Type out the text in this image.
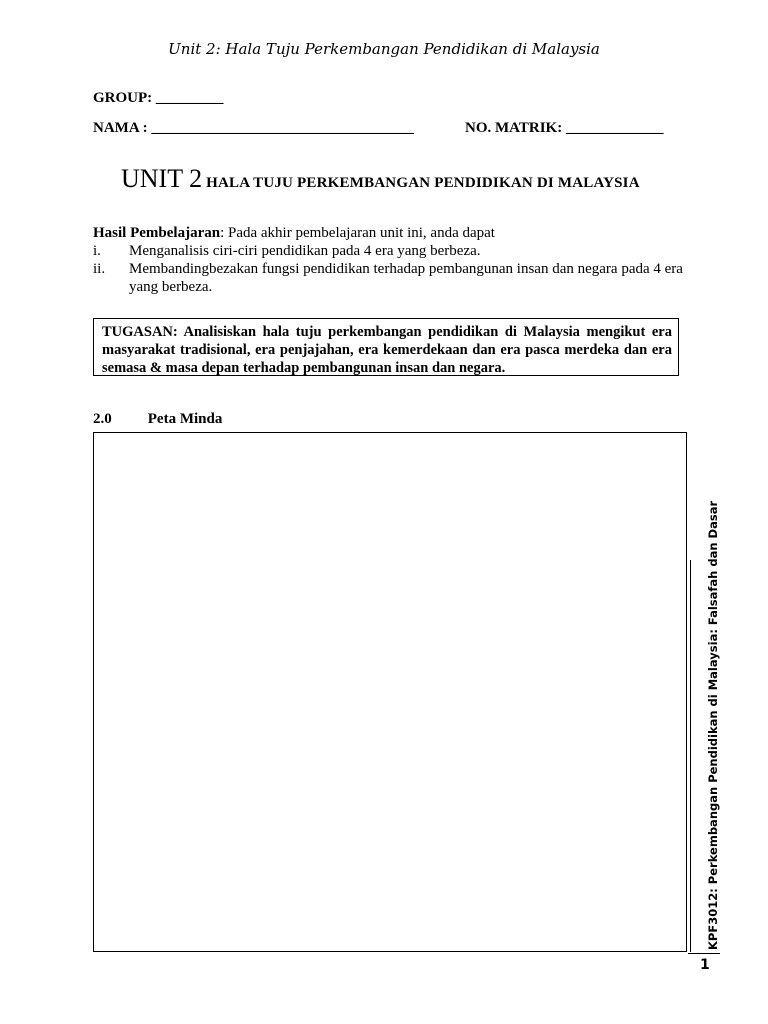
Unit 2: Hala Tuju Perkembangan Pendidikan di Malaysia
GROUP: _________
NAMA : ___________________________________	NO. MATRIK: _____________
UNIT 2 HALA TUJU PERKEMBANGAN PENDIDIKAN DI MALAYSIA
Hasil Pembelajaran: Pada akhir pembelajaran unit ini, anda dapat
i. Menganalisis ciri-ciri pendidikan pada 4 era yang berbeza.
ii. Membandingbezakan fungsi pendidikan terhadap pembangunan insan dan negara pada 4 era yang berbeza.
TUGASAN: Analisiskan hala tuju perkembangan pendidikan di Malaysia mengikut era masyarakat tradisional, era penjajahan, era kemerdekaan dan era pasca merdeka dan era semasa & masa depan terhadap pembangunan insan dan negara.
2.0 Peta Minda
KPF3012: Perkembangan Pendidikan di Malaysia: Falsafah dan Dasar
1
